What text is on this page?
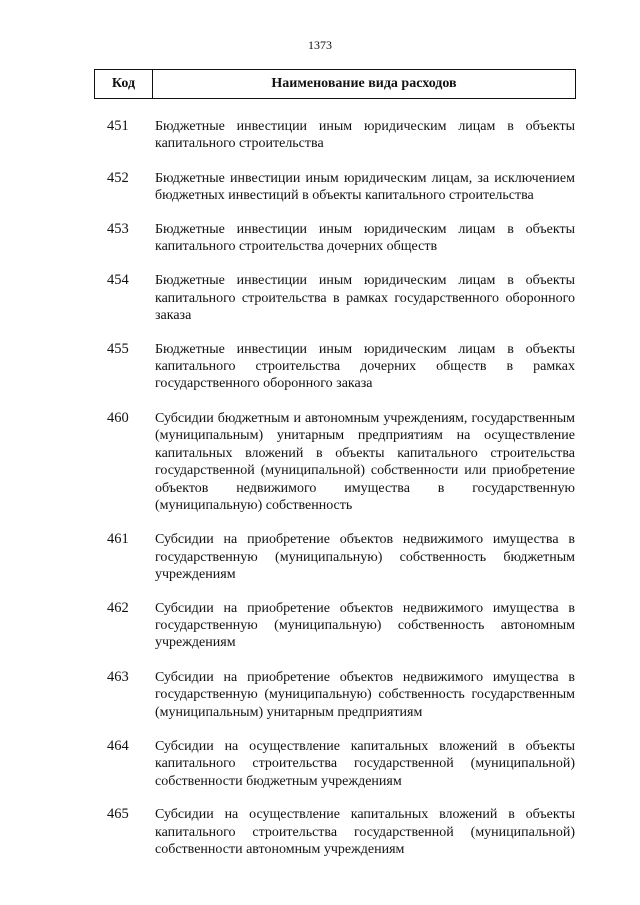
1373
Код	Наименование вида расходов
451	Бюджетные инвестиции иным юридическим лицам в объекты капитального строительства
452	Бюджетные инвестиции иным юридическим лицам, за исключением бюджетных инвестиций в объекты капитального строительства
453	Бюджетные инвестиции иным юридическим лицам в объекты капитального строительства дочерних обществ
454	Бюджетные инвестиции иным юридическим лицам в объекты капитального строительства в рамках государственного оборонного заказа
455	Бюджетные инвестиции иным юридическим лицам в объекты капитального строительства дочерних обществ в рамках государственного оборонного заказа
460	Субсидии бюджетным и автономным учреждениям, государственным (муниципальным) унитарным предприятиям на осуществление капитальных вложений в объекты капитального строительства государственной (муниципальной) собственности или приобретение объектов недвижимого имущества в государственную (муниципальную) собственность
461	Субсидии на приобретение объектов недвижимого имущества в государственную (муниципальную) собственность бюджетным учреждениям
462	Субсидии на приобретение объектов недвижимого имущества в государственную (муниципальную) собственность автономным учреждениям
463	Субсидии на приобретение объектов недвижимого имущества в государственную (муниципальную) собственность государственным (муниципальным) унитарным предприятиям
464	Субсидии на осуществление капитальных вложений в объекты капитального строительства государственной (муниципальной) собственности бюджетным учреждениям
465	Субсидии на осуществление капитальных вложений в объекты капитального строительства государственной (муниципальной) собственности автономным учреждениям
